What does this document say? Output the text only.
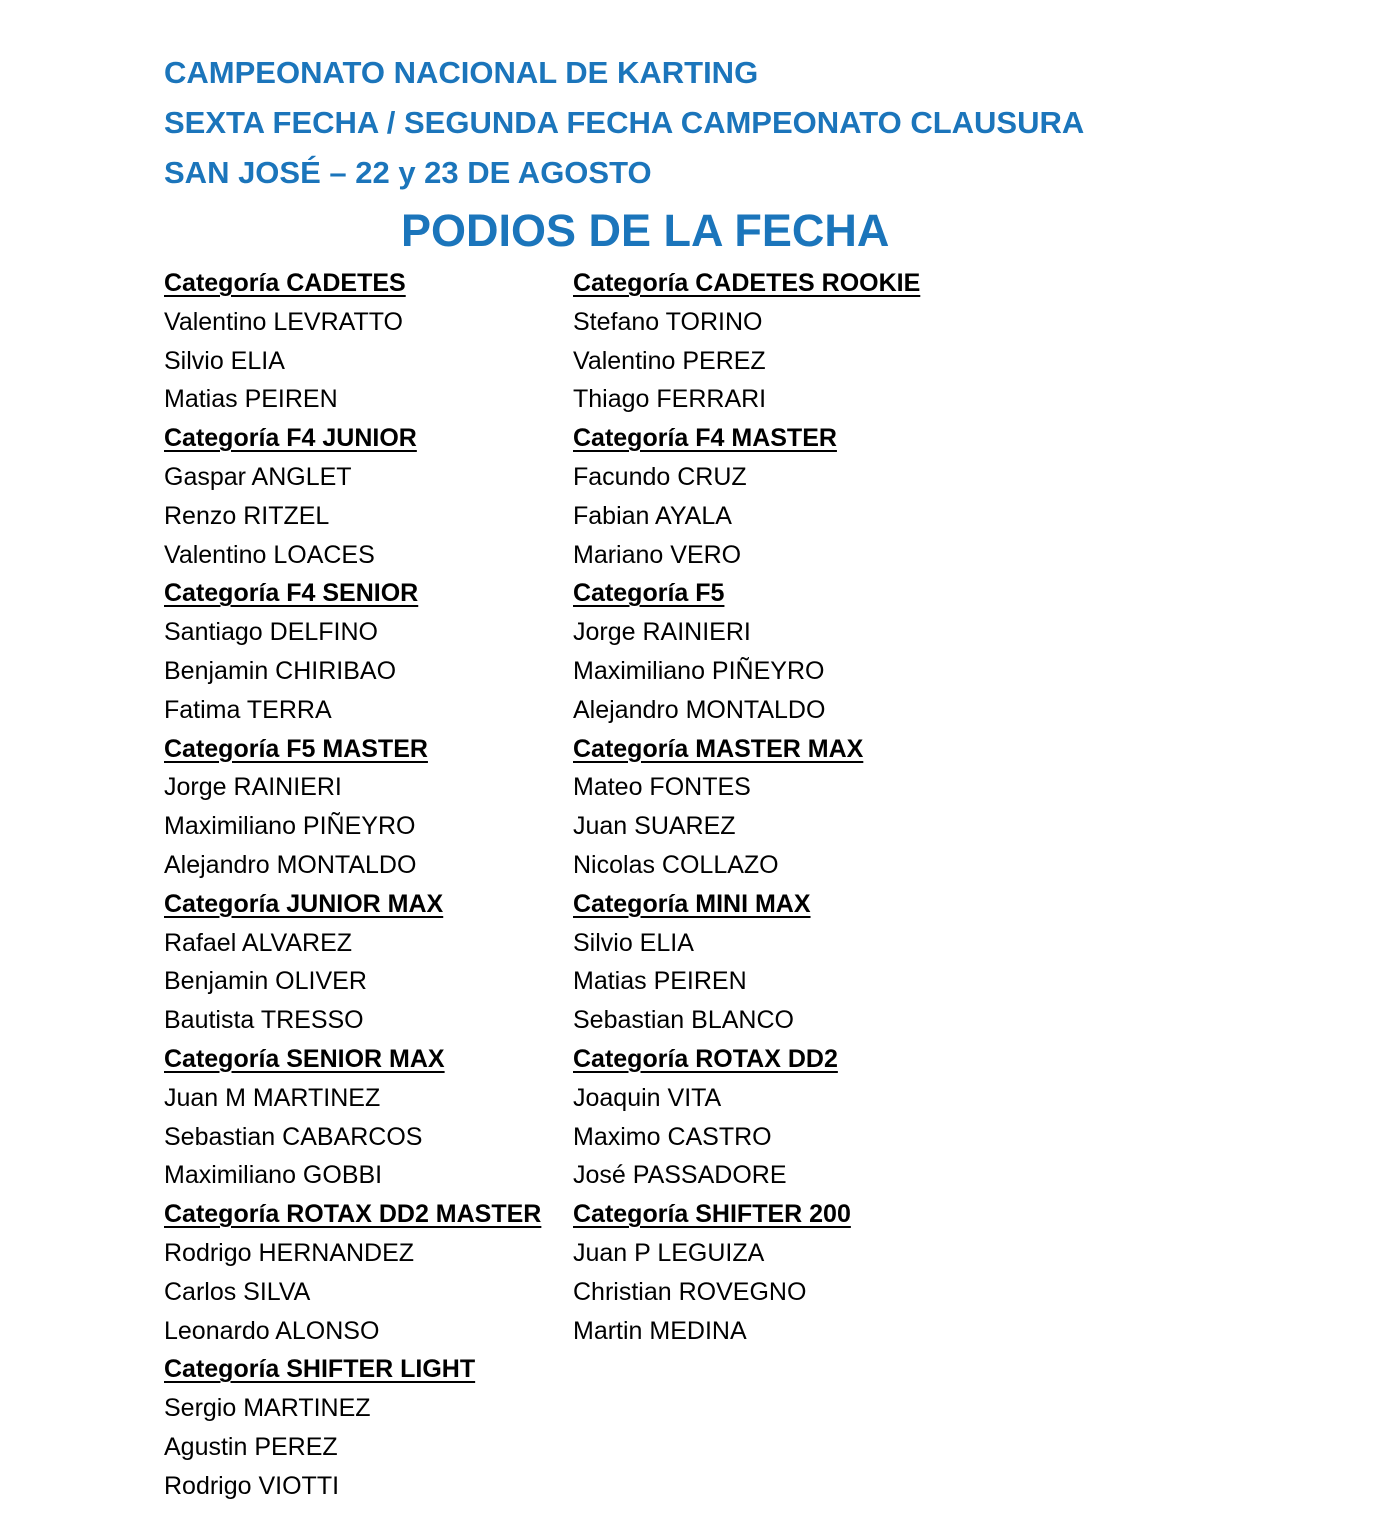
CAMPEONATO NACIONAL DE KARTING
SEXTA FECHA / SEGUNDA FECHA CAMPEONATO CLAUSURA
SAN JOSÉ – 22 y 23 DE AGOSTO
PODIOS DE LA FECHA
Categoría CADETES
Valentino LEVRATTO
Silvio ELIA
Matias PEIREN
Categoría F4 JUNIOR
Gaspar ANGLET
Renzo RITZEL
Valentino LOACES
Categoría F4 SENIOR
Santiago DELFINO
Benjamin CHIRIBAO
Fatima TERRA
Categoría F5 MASTER
Jorge RAINIERI
Maximiliano PIÑEYRO
Alejandro MONTALDO
Categoría JUNIOR MAX
Rafael ALVAREZ
Benjamin OLIVER
Bautista TRESSO
Categoría SENIOR MAX
Juan M MARTINEZ
Sebastian CABARCOS
Maximiliano GOBBI
Categoría ROTAX DD2 MASTER
Rodrigo HERNANDEZ
Carlos SILVA
Leonardo ALONSO
Categoría SHIFTER LIGHT
Sergio MARTINEZ
Agustin PEREZ
Rodrigo VIOTTI
Categoría CADETES ROOKIE
Stefano TORINO
Valentino PEREZ
Thiago FERRARI
Categoría F4 MASTER
Facundo CRUZ
Fabian AYALA
Mariano VERO
Categoría F5
Jorge RAINIERI
Maximiliano PIÑEYRO
Alejandro MONTALDO
Categoría MASTER MAX
Mateo FONTES
Juan SUAREZ
Nicolas COLLAZO
Categoría MINI MAX
Silvio ELIA
Matias PEIREN
Sebastian BLANCO
Categoría ROTAX DD2
Joaquin VITA
Maximo CASTRO
José PASSADORE
Categoría SHIFTER 200
Juan P LEGUIZA
Christian ROVEGNO
Martin MEDINA
